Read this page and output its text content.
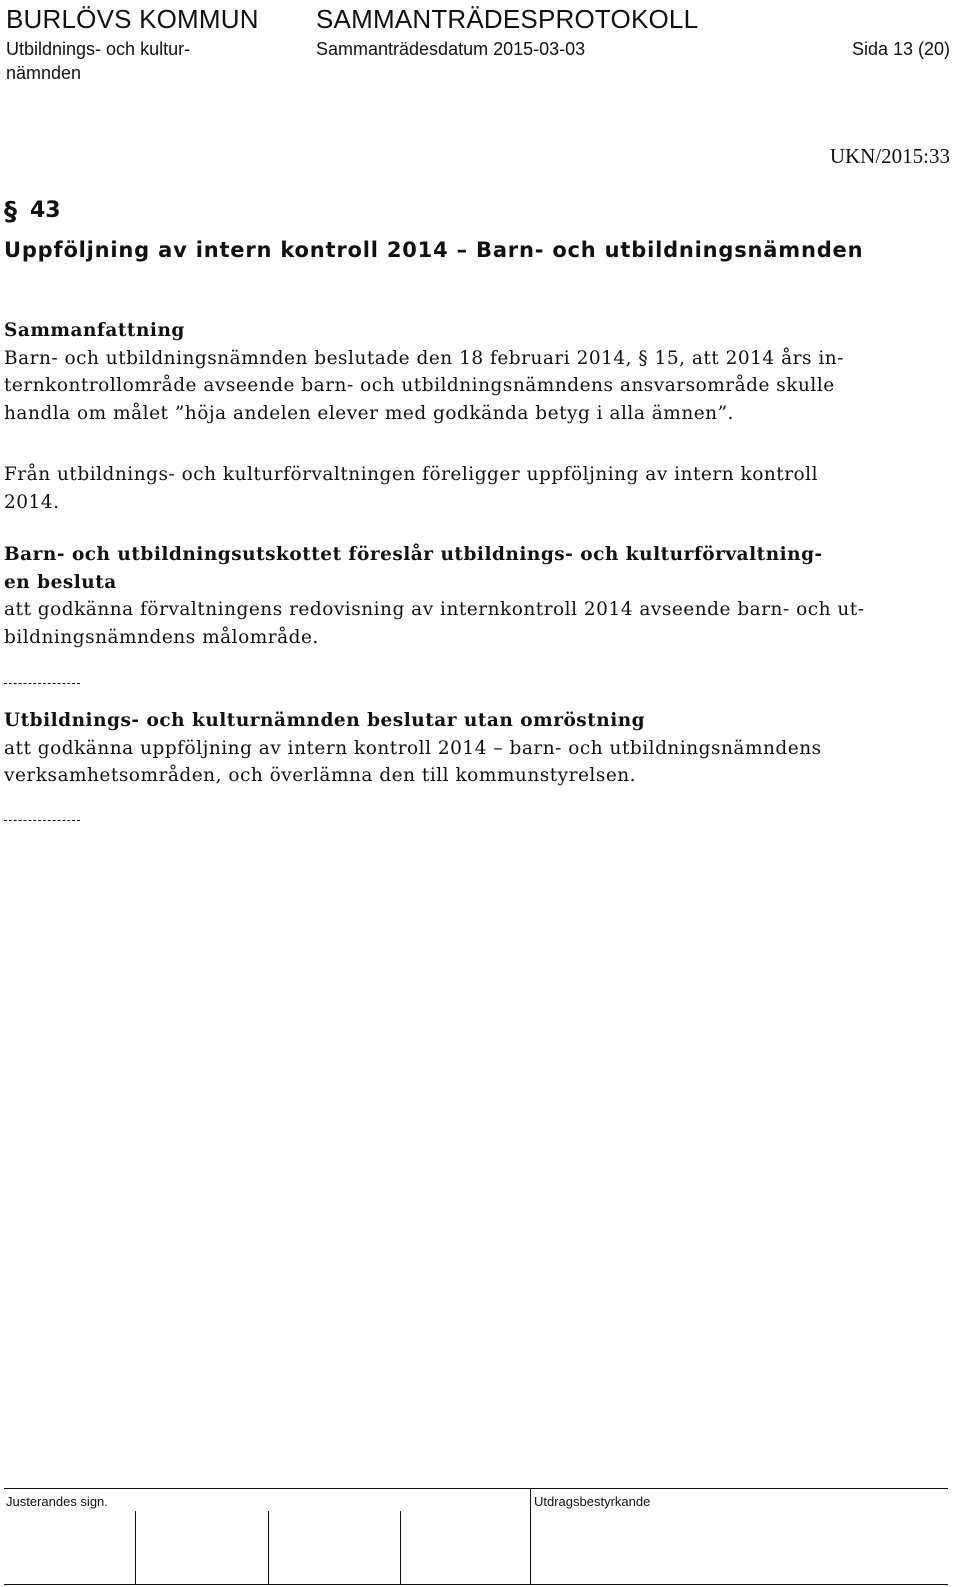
BURLÖVS KOMMUN SAMMANTRÄDESPROTOKOLL
Utbildnings- och kultur-
nämnden
Sammanträdesdatum 2015-03-03	Sida 13 (20)
UKN/2015:33
§ 43
Uppföljning av intern kontroll 2014 – Barn- och utbildningsnämnden
Sammanfattning
Barn- och utbildningsnämnden beslutade den 18 februari 2014, § 15, att 2014 års in-
ternkontrollområde avseende barn- och utbildningsnämndens ansvarsområde skulle
handla om målet ”höja andelen elever med godkända betyg i alla ämnen”.
Från utbildnings- och kulturförvaltningen föreligger uppföljning av intern kontroll
2014.
Barn- och utbildningsutskottet föreslår utbildnings- och kulturförvaltning-
en besluta
att godkänna förvaltningens redovisning av internkontroll 2014 avseende barn- och ut-
bildningsnämndens målområde.
Utbildnings- och kulturnämnden beslutar utan omröstning
att godkänna uppföljning av intern kontroll 2014 – barn- och utbildningsnämndens
verksamhetsområden, och överlämna den till kommunstyrelsen.
Justerandes sign.	Utdragsbestyrkande
